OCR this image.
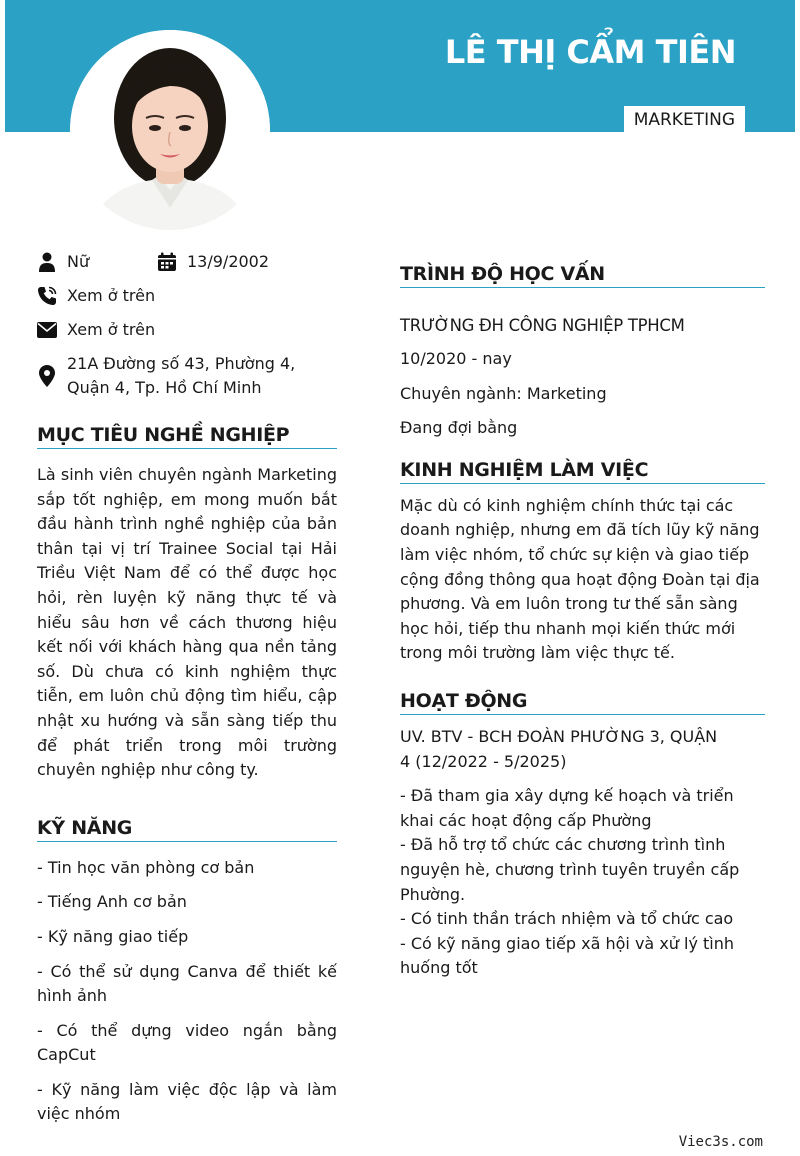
LÊ THỊ CẨM TIÊN
MARKETING
Nữ	13/9/2002
Xem ở trên
Xem ở trên
21A Đường số 43, Phường 4,
Quận 4, Tp. Hồ Chí Minh
MỤC TIÊU NGHỀ NGHIỆP

Là sinh viên chuyên ngành Marketing sắp tốt nghiệp, em mong muốn bắt đầu hành trình nghề nghiệp của bản thân tại vị trí Trainee Social tại Hải Triều Việt Nam để có thể được học hỏi, rèn luyện kỹ năng thực tế và hiểu sâu hơn về cách thương hiệu kết nối với khách hàng qua nền tảng số. Dù chưa có kinh nghiệm thực tiễn, em luôn chủ động tìm hiểu, cập nhật xu hướng và sẵn sàng tiếp thu để phát triển trong môi trường chuyên nghiệp như công ty.

KỸ NĂNG
- Tin học văn phòng cơ bản
- Tiếng Anh cơ bản
- Kỹ năng giao tiếp
- Có thể sử dụng Canva để thiết kế hình ảnh
- Có thể dựng video ngắn bằng CapCut
- Kỹ năng làm việc độc lập và làm việc nhóm
TRÌNH ĐỘ HỌC VẤN
TRƯỜNG ĐH CÔNG NGHIỆP TPHCM
10/2020 - nay
Chuyên ngành: Marketing
Đang đợi bằng
KINH NGHIỆM LÀM VIỆC

Mặc dù có kinh nghiệm chính thức tại các doanh nghiệp, nhưng em đã tích lũy kỹ năng làm việc nhóm, tổ chức sự kiện và giao tiếp cộng đồng thông qua hoạt động Đoàn tại địa phương. Và em luôn trong tư thế sẵn sàng học hỏi, tiếp thu nhanh mọi kiến thức mới trong môi trường làm việc thực tế.

HOẠT ĐỘNG
UV. BTV - BCH ĐOÀN PHƯỜNG 3, QUẬN
4 (12/2022 - 5/2025)
- Đã tham gia xây dựng kế hoạch và triển khai các hoạt động cấp Phường
- Đã hỗ trợ tổ chức các chương trình tình nguyện hè, chương trình tuyên truyền cấp Phường.
- Có tinh thần trách nhiệm và tổ chức cao
- Có kỹ năng giao tiếp xã hội và xử lý tình huống tốt
Viec3s.com
